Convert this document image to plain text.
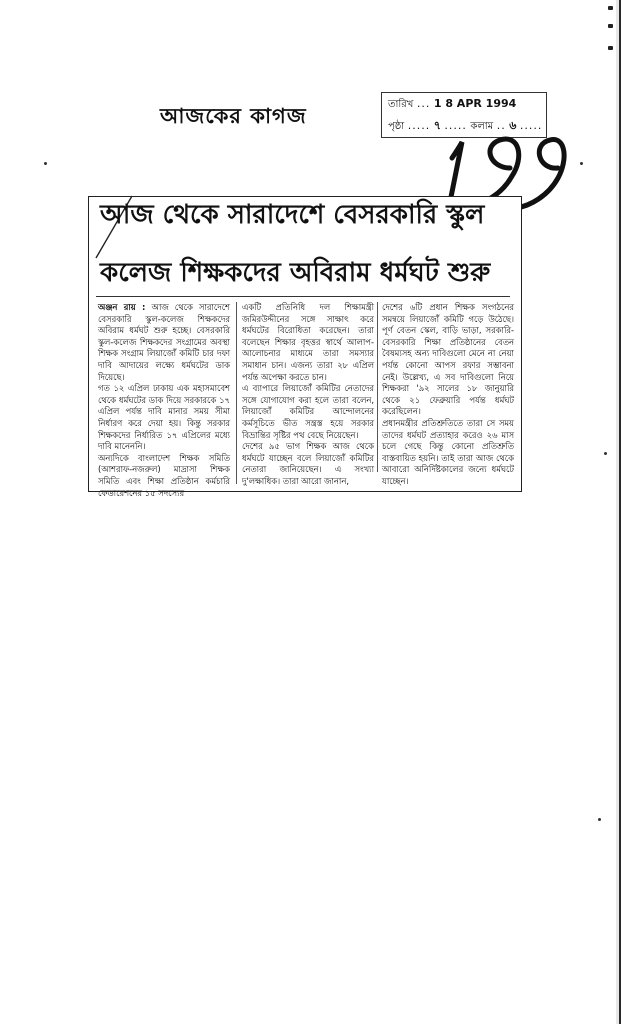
আজকের কাগজ	তারিখ ... 1 8 APR 1994
পৃষ্ঠা ..... ৭ ..... কলাম .. ৬ .....
আজ থেকে সারাদেশে বেসরকারি স্কুল
কলেজ শিক্ষকদের অবিরাম ধর্মঘট শুরু

অঞ্জন রায় : আজ থেকে সারাদেশে বেসরকারি স্কুল-কলেজ শিক্ষকদের অবিরাম ধর্মঘট শুরু হচ্ছে। বেসরকারি স্কুল-কলেজ শিক্ষকদের সংগ্রামের অবস্থা শিক্ষক সংগ্রাম লিয়াজোঁ কমিটি চার দফা দাবি আদায়ের লক্ষ্যে ধর্মঘটের ডাক দিয়েছে।

গত ১২ এপ্রিল ঢাকায় এক মহাসমাবেশ থেকে ধর্মঘটের ডাক দিয়ে সরকারকে ১৭ এপ্রিল পর্যন্ত দাবি মানার সময় সীমা নির্ধারণ করে দেয়া হয়। কিন্তু সরকার শিক্ষকদের নির্ধারিত ১৭ এপ্রিলের মধ্যে দাবি মানেননি।

অন্যদিকে বাংলাদেশ শিক্ষক সমিতি (আশরাফ-নজরুল) মাদ্রাসা শিক্ষক সমিতি এবং শিক্ষা প্রতিষ্ঠান কর্মচারি ফেডারেশনের ১৫ সদস্যের

একটি প্রতিনিধি দল শিক্ষামন্ত্রী জমিরউদ্দীনের সঙ্গে সাক্ষাৎ করে ধর্মঘটের বিরোধিতা করেছেন। তারা বলেছেন শিক্ষার বৃহত্তর স্বার্থে আলাপ-আলোচনার মাধ্যমে তারা সমস্যার সমাধান চান। এজন্য তারা ২৮ এপ্রিল পর্যন্ত অপেক্ষা করতে চান।

এ ব্যাপারে লিয়াজোঁ কমিটির নেতাদের সঙ্গে যোগাযোগ করা হলে তারা বলেন, লিয়াজোঁ কমিটির আন্দোলনের কর্মসূচিতে ভীত সন্ত্রস্ত হয়ে সরকার বিভ্রান্তির সৃষ্টির পথ বেছে নিয়েছেন।

দেশের ৯৫ ভাগ শিক্ষক আজ থেকে ধর্মঘটে যাচ্ছেন বলে লিয়াজোঁ কমিটির নেতারা জানিয়েছেন। এ সংখ্যা দু'লক্ষাধিক। তারা আরো জানান,

দেশের ৬টি প্রধান শিক্ষক সংগঠনের সমন্বয়ে লিয়াজোঁ কমিটি গড়ে উঠেছে। পূর্ণ বেতন স্কেল, বাড়ি ভাড়া, সরকারি-বেসরকারি শিক্ষা প্রতিষ্ঠানের বেতন বৈষম্যসহ অন্য দাবিগুলো মেনে না নেয়া পর্যন্ত কোনো আপস রফার সম্ভাবনা নেই। উল্লেখ্য, এ সব দাবিগুলো নিয়ে শিক্ষকরা '৯২ সালের ১৮ জানুয়ারি থেকে ২১ ফেব্রুয়ারি পর্যন্ত ধর্মঘট করেছিলেন।

প্রধানমন্ত্রীর প্রতিশ্রুতিতে তারা সে সময় তাদের ধর্মঘট প্রত্যাহার করেও ২৬ মাস চলে গেছে কিন্তু কোনো প্রতিশ্রুতি বাস্তবায়িত হয়নি। তাই তারা আজ থেকে আবারো অনির্দিষ্টকালের জন্যে ধর্মঘটে যাচ্ছেন।
